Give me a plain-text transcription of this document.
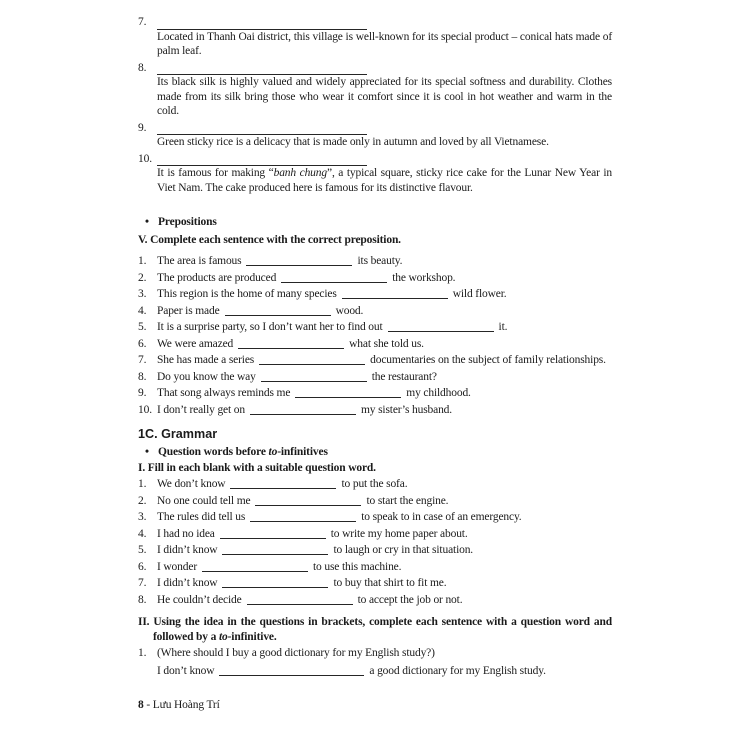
7.
Located in Thanh Oai district, this village is well-known for its special product – conical hats made of palm leaf.
8.
Its black silk is highly valued and widely appreciated for its special softness and durability. Clothes made from its silk bring those who wear it comfort since it is cool in hot weather and warm in the cold.
9.
Green sticky rice is a delicacy that is made only in autumn and loved by all Vietnamese.
10.
It is famous for making “banh chung”, a typical square, sticky rice cake for the Lunar New Year in Viet Nam. The cake produced here is famous for its distinctive flavour.
• Prepositions

V. Complete each sentence with the correct preposition.

1. The area is famous	its beauty.
2. The products are produced	the workshop.
3. This region is the home of many species	wild flower.
4. Paper is made	wood.
5. It is a surprise party, so I don’t want her to find out	it.
6. We were amazed	what she told us.
7. She has made a series	documentaries on the subject of family relationships.
8. Do you know the way	the restaurant?
9. That song always reminds me	my childhood.
10. I don’t really get on	my sister’s husband.
1C. Grammar
• Question words before to-infinitives

I. Fill in each blank with a suitable question word.

1. We don’t know	to put the sofa.
2. No one could tell me	to start the engine.
3. The rules did tell us	to speak to in case of an emergency.
4. I had no idea	to write my home paper about.
5. I didn’t know	to laugh or cry in that situation.
6. I wonder	to use this machine.
7. I didn’t know	to buy that shirt to fit me.
8. He couldn’t decide	to accept the job or not.

II. Using the idea in the questions in brackets, complete each sentence with a question word and followed by a to-infinitive.

1. (Where should I buy a good dictionary for my English study?)
I don’t know	a good dictionary for my English study.
8 - Lưu Hoàng Trí
